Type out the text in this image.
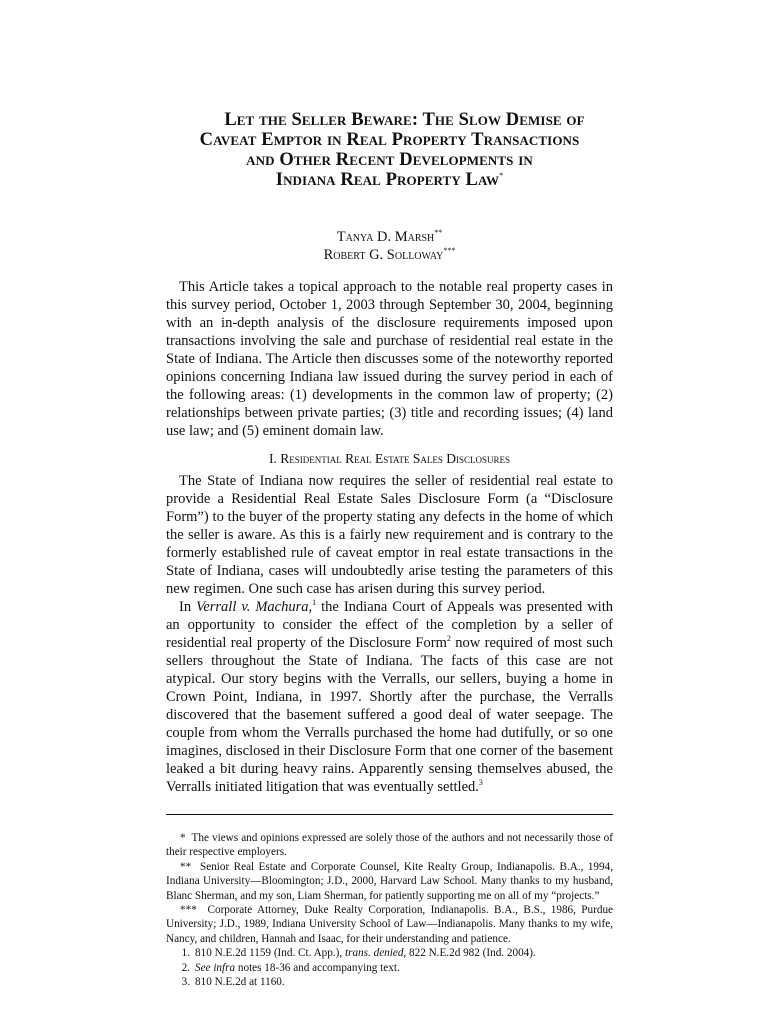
Let the Seller Beware: The Slow Demise of
Caveat Emptor in Real Property Transactions
and Other Recent Developments in
Indiana Real Property Law*
Tanya D. Marsh**
Robert G. Solloway***

This Article takes a topical approach to the notable real property cases in this survey period, October 1, 2003 through September 30, 2004, beginning with an in-depth analysis of the disclosure requirements imposed upon transactions involving the sale and purchase of residential real estate in the State of Indiana. The Article then discusses some of the noteworthy reported opinions concerning Indiana law issued during the survey period in each of the following areas: (1) developments in the common law of property; (2) relationships between private parties; (3) title and recording issues; (4) land use law; and (5) eminent domain law.

I. Residential Real Estate Sales Disclosures

The State of Indiana now requires the seller of residential real estate to provide a Residential Real Estate Sales Disclosure Form (a “Disclosure Form”) to the buyer of the property stating any defects in the home of which the seller is aware. As this is a fairly new requirement and is contrary to the formerly established rule of caveat emptor in real estate transactions in the State of Indiana, cases will undoubtedly arise testing the parameters of this new regimen. One such case has arisen during this survey period.

In Verrall v. Machura,$^1$ the Indiana Court of Appeals was presented with an opportunity to consider the effect of the completion by a seller of residential real property of the Disclosure Form$^2$ now required of most such sellers throughout the State of Indiana. The facts of this case are not atypical. Our story begins with the Verralls, our sellers, buying a home in Crown Point, Indiana, in 1997. Shortly after the purchase, the Verralls discovered that the basement suffered a good deal of water seepage. The couple from whom the Verralls purchased the home had dutifully, or so one imagines, disclosed in their Disclosure Form that one corner of the basement leaked a bit during heavy rains. Apparently sensing themselves abused, the Verralls initiated litigation that was eventually settled.$^3$

* The views and opinions expressed are solely those of the authors and not necessarily those of their respective employers.

** Senior Real Estate and Corporate Counsel, Kite Realty Group, Indianapolis. B.A., 1994, Indiana University—Bloomington; J.D., 2000, Harvard Law School. Many thanks to my husband, Blanc Sherman, and my son, Liam Sherman, for patiently supporting me on all of my “projects.”

*** Corporate Attorney, Duke Realty Corporation, Indianapolis. B.A., B.S., 1986, Purdue University; J.D., 1989, Indiana University School of Law—Indianapolis. Many thanks to my wife, Nancy, and children, Hannah and Isaac, for their understanding and patience.

1. 810 N.E.2d 1159 (Ind. Ct. App.), trans. denied, 822 N.E.2d 982 (Ind. 2004).
2. See infra notes 18-36 and accompanying text.
3. 810 N.E.2d at 1160.
